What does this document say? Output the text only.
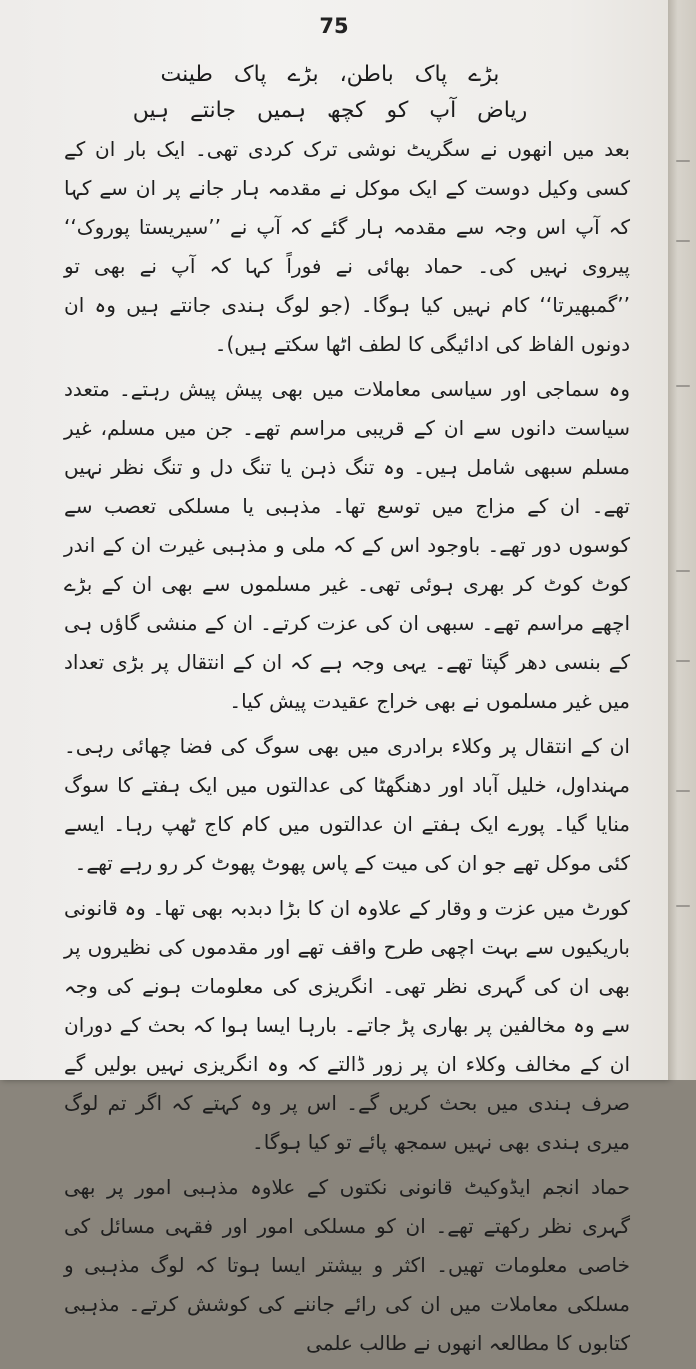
75
بڑے پاک باطن، بڑے پاک طینت
ریاض آپ کو کچھ ہمیں جانتے ہیں

بعد میں انھوں نے سگریٹ نوشی ترک کردی تھی۔ ایک بار ان کے کسی وکیل دوست کے ایک موکل نے مقدمہ ہار جانے پر ان سے کہا کہ آپ اس وجہ سے مقدمہ ہار گئے کہ آپ نے ’’سیریستا پوروک‘‘ پیروی نہیں کی۔ حماد بھائی نے فوراً کہا کہ آپ نے بھی تو ’’گمبھیرتا‘‘ کام نہیں کیا ہوگا۔ (جو لوگ ہندی جانتے ہیں وہ ان دونوں الفاظ کی ادائیگی کا لطف اٹھا سکتے ہیں)۔

وہ سماجی اور سیاسی معاملات میں بھی پیش پیش رہتے۔ متعدد سیاست دانوں سے ان کے قریبی مراسم تھے۔ جن میں مسلم، غیر مسلم سبھی شامل ہیں۔ وہ تنگ ذہن یا تنگ دل و تنگ نظر نہیں تھے۔ ان کے مزاج میں توسع تھا۔ مذہبی یا مسلکی تعصب سے کوسوں دور تھے۔ باوجود اس کے کہ ملی و مذہبی غیرت ان کے اندر کوٹ کوٹ کر بھری ہوئی تھی۔ غیر مسلموں سے بھی ان کے بڑے اچھے مراسم تھے۔ سبھی ان کی عزت کرتے۔ ان کے منشی گاؤں ہی کے بنسی دھر گپتا تھے۔ یہی وجہ ہے کہ ان کے انتقال پر بڑی تعداد میں غیر مسلموں نے بھی خراج عقیدت پیش کیا۔

ان کے انتقال پر وکلاء برادری میں بھی سوگ کی فضا چھائی رہی۔ مہنداول، خلیل آباد اور دھنگھٹا کی عدالتوں میں ایک ہفتے کا سوگ منایا گیا۔ پورے ایک ہفتے ان عدالتوں میں کام کاج ٹھپ رہا۔ ایسے کئی موکل تھے جو ان کی میت کے پاس پھوٹ پھوٹ کر رو رہے تھے۔

کورٹ میں عزت و وقار کے علاوہ ان کا بڑا دبدبہ بھی تھا۔ وہ قانونی باریکیوں سے بہت اچھی طرح واقف تھے اور مقدموں کی نظیروں پر بھی ان کی گہری نظر تھی۔ انگریزی کی معلومات ہونے کی وجہ سے وہ مخالفین پر بھاری پڑ جاتے۔ بارہا ایسا ہوا کہ بحث کے دوران ان کے مخالف وکلاء ان پر زور ڈالتے کہ وہ انگریزی نہیں بولیں گے صرف ہندی میں بحث کریں گے۔ اس پر وہ کہتے کہ اگر تم لوگ میری ہندی بھی نہیں سمجھ پائے تو کیا ہوگا۔

حماد انجم ایڈوکیٹ قانونی نکتوں کے علاوہ مذہبی امور پر بھی گہری نظر رکھتے تھے۔ ان کو مسلکی امور اور فقہی مسائل کی خاصی معلومات تھیں۔ اکثر و بیشتر ایسا ہوتا کہ لوگ مذہبی و مسلکی معاملات میں ان کی رائے جاننے کی کوشش کرتے۔ مذہبی کتابوں کا مطالعہ انھوں نے طالب علمی
